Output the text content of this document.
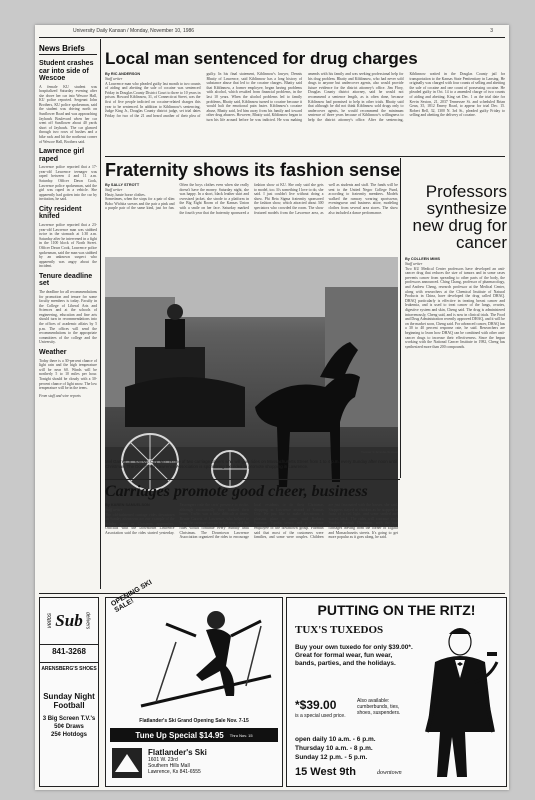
University Daily Kansan / Monday, November 10, 1986	3
News Briefs
Student crashes car into side of Wescoe
A female KU student was hospitalized Saturday evening after she drove her car into Wescoe Hall, KU police reported. Sergeant John Brothers, KU police spokesman, said the student was driving north on Sunflower Road and was approaching Jayhawk Boulevard when her car went off Sunflower about 40 yards short of Jayhawk. The car glanced through two rows of bushes and a bike rack and hit the northeast corner of Wescoe Hall, Brothers said.
Lawrence girl raped
Lawrence police reported that a 17-year-old Lawrence teenager was raped between 4 and 11 a.m. Saturday. Officer Dawn Cook, Lawrence police spokesman, said the girl was raped in a vehicle. She apparently had gotten into the car by invitation, he said.
City resident knifed
Lawrence police reported that a 23-year-old Lawrence man was stabbed twice in the stomach at 1:30 a.m. Saturday after he intervened in a fight in the 1100 block of North Street. Officer Dawn Cook, Lawrence police spokesman, said the man was stabbed by an unknown suspect who apparently was angry about the incident.
Tenure deadline set
The deadline for all recommendations for promotion and tenure for some faculty members is today. Faculty in the College of Liberal Arts and Sciences and at the schools of engineering, education and fine arts should turn in recommendations into the offices of academic affairs by 5 p.m. The offices will send the recommendations to the appropriate committees of the college and the University.
Weather
Today there is a 30-percent chance of light rain and the high temperature will be near 60. Winds will be northerly 5 to 10 miles per hour. Tonight should be cloudy with a 30-percent chance of light snow. The low temperature will be in the teens.
From staff and wire reports
Local man sentenced for drug charges
By RIC ANDERSON
Staff writer
A Lawrence man who pleaded guilty last month to two counts of aiding and abetting the sale of cocaine was sentenced Friday in Douglas County District Court to three to 10 years in prison. Howard Kiblinnow, 31, of Connecticut Street, was the first of five people indicted on cocaine-related charges this year to be sentenced. In addition to Kiblinnow's sentencing, Judge King Jr., Douglas County district judge, set trial dates Friday for two of the 21 and heard another of their plea of guilty. In his final statement, Kiblinnow's lawyer, Dennis Bhatty of Lawrence, said Kiblinnow has a long history of substance abuse that led to the cocaine charges. Bhatty said that Kiblinnow, a former employee, began having problems with alcohol, which resulted from financial problems, in the last 10 years. When the alcohol problems led to family problems, Bhatty said, Kiblinnow turned to cocaine because it would halt the emotional pain faster. Kiblinnow's cocaine abuse, Bhatty said, led him away from his family and toward other drug abusers. However, Bhatty said, Kiblinnow began to turn his life around before he was indicted. He was making amends with his family and was seeking professional help for his drug problem. Bhatty and Kiblinnow, who had never sold drugs to anyone but undercover agents, also would provide future evidence for the district attorney's office. Jim Flory, Douglas County district attorney, said he would not recommend a sentence length, as is often done, because Kiblinnow had promised to help in other trials. Bhatty said that although he did not think Kiblinnow sold drugs only to undercover agents, he would recommend the minimum sentence of three years because of Kiblinnow's willingness to help the district attorney's office. After the sentencing, Kiblinnow waited in the Douglas County jail for transportation to the Kansas State Penitentiary in Lansing. He originally was charged with four counts of selling and abetting the sale of cocaine and one count of possessing cocaine. He pleaded guilty in Oct. 14 to a amended charge of two counts of aiding and abetting. King set Dec. 1 as the trial date for Kevin Sexton, 21, 2037 Tennessee St. and scheduled Brian Gean, 35, 1812 Emery Road, to appear for trial Dec. 15. Robert Bell, 32, 1300 N. 3rd St., pleaded guilty Friday to selling and abetting the delivery of cocaine.
Fraternity shows its fashion sense
Wesner Schroeder/Kansan
Professors synthesize new drug for cancer
By COLLEEN MIMS
Staff writer
Two KU Medical Center professors have developed an anti-cancer drug that reduces the size of tumors and in some cases prevents cancer from spreading to other parts of the body, the professors announced. Ching Chang, professor of pharmacology, and Andrew Cheng, research professor at the Medical Center, along with researchers at the Chemical Institute of Natural Products in China, have developed the drug called DHAQ. DHAQ particularly is effective in treating breast cancer and leukemia, and is used to treat cancer of the lungs, ovaries, digestive system and skin, Cheng said. The drug is administered intravenously, Cheng said, and is now in clinical trials. The Food and Drug Administration recently approved DHAQ, and it will be on the market soon, Cheng said. For advanced cancer, DHAQ has a 30 to 40 percent response rate, he said. Researchers are beginning to learn how DHAQ can be combined with other anti-cancer drugs to increase their effectiveness. Since the begun working with the National Cancer Institute in 1982, Cheng has synthesized more than 200 compounds.
Mel Garrett Jr., Kansas City, Mo., is one of two carriage drivers who will give rides on Massachusetts Street from 1 to 4 p.m. every Sunday after noon until Christmas. The Downtown Lawrence Association is sponsoring the rides to promote shopping in Lawrence.
Carriages promote good cheer, business
By KAREN SAMUELSON
Staff writer
The old-fashioned carriage rides downtown on Sunday afternoons are one example of the holiday spirit as Christmas approaches. Officials with the Downtown Lawrence Association said the rides started yesterday. Passengers rode the carts' presence to stroke, although occasionally they honked their horns. Traffic was a little difficult at times. Bernie Garrett, of Lawrence, who helped to bring the carriage service to the area, said the rides would continue every Sunday until Christmas. The Downtown Lawrence Association organized the rides to encourage local residents to do their Christmas shopping in Lawrence instead of Kansas City. We just like to make downtown a pleasant place to come, said Barbara Fairman. Topeka senior and a part-time employee of the downtown group. Fairman said that most of the customers were families, and some were couples. Children are just fascinated with the horses, she said. Shoppers stayed at children as he stopped in front of a red light, and some smiled and waved back. The rides will continue each Sunday through Christmas, with the two carriages leaving from the corner of Eighth and Massachusetts streets. It's going to get more popular as it goes along, he said.
vellos Sub delivers
841-3268
ARENSBERG'S SHOES
Sunday Night Football
3 Big Screen T.V.'s
50¢ Draws
25¢ Hotdogs
OPENING SKI SALE!
Flatlander's Ski Grand Opening Sale Nov. 7-15
Tune Up Special $14.95 Thru Nov. 15
Flatlander's Ski
1601 W. 23rd
Southern Hills Mall
Lawrence, Ks 841-6555
PUTTING ON THE RITZ!
TUX'S TUXEDOS
Buy your own tuxedo for only $39.00*. Great for formal wear, fun wear, bands, parties, and the holidays.
*$39.00
is a special used price.
Also available: cumberbunds, ties, shoes, suspenders.
open daily 10 a.m. - 6 p.m.
Thursday 10 a.m. - 8 p.m.
Sunday 12 p.m. - 5 p.m.
15 West 9th	downtown
By SALLY STROTT
Staff writer
Hasty, haute horse clothes.
Sometimes, when the stops for a pair of slim Boho Wichita swears and the pair a pink and a purple pair of the same kind, just for fun. Often the boys clothes even when she really doesn't have the money. Saturday night, she was happy. In a short, black leather skirt and oversized jacket, she strode to a platform in the Big Eight Room of the Kansas Union with a smile on her face. Saturday marked the fourth year that the fraternity sponsored a fashion show at KU. She only said she gets to model, too. It's something I love to do, she said. I just couldn't live without doing a show. Phi Beta Sigma fraternity sponsored the fashion show, which attracted about 300 spectators who crowded the room. The show featured models from the Lawrence area, as well as students and staff. The funds will be sent to the United Negro College Fund, according to fraternity members. Models walked the runway wearing sportswear, eveningwear and business attire, modeling clothes from several area stores. The show also included a dance performance.
